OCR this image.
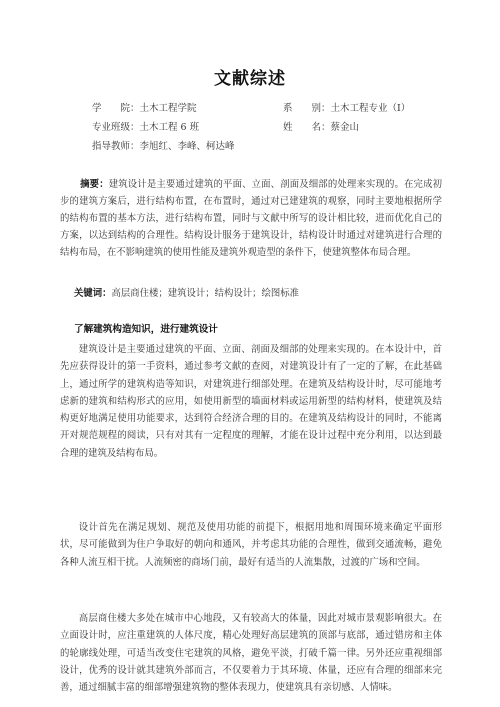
文献综述
学　　院：土木工程学院	系　　别：土木工程专业（Ⅰ）
专业班级：土木工程 6 班	姓　　名：蔡金山
指导教师：李旭红、李峰、柯达峰
摘要：建筑设计是主要通过建筑的平面、立面、剖面及细部的处理来实现的。在完成初步的建筑方案后，进行结构布置，在布置时，通过对已建建筑的观察，同时主要地根据所学的结构布置的基本方法，进行结构布置，同时与文献中所写的设计相比较，进而优化自己的方案，以达到结构的合理性。结构设计服务于建筑设计，结构设计时通过对建筑进行合理的结构布局，在不影响建筑的使用性能及建筑外观造型的条件下，使建筑整体布局合理。
关键词：高层商住楼；建筑设计；结构设计；绘图标准
了解建筑构造知识，进行建筑设计
建筑设计是主要通过建筑的平面、立面、剖面及细部的处理来实现的。在本设计中，首先应获得设计的第一手资料，通过参考文献的查阅，对建筑设计有了一定的了解，在此基础上，通过所学的建筑构造等知识，对建筑进行细部处理。在建筑及结构设计时，尽可能地考虑新的建筑和结构形式的应用，如使用新型的墙面材料或运用新型的结构材料，使建筑及结构更好地满足使用功能要求，达到符合经济合理的目的。在建筑及结构设计的同时，不能离开对规范规程的阅读，只有对其有一定程度的理解，才能在设计过程中充分利用，以达到最合理的建筑及结构布局。
设计首先在满足规划、规范及使用功能的前提下，根据用地和周围环境来确定平面形状，尽可能做到为住户争取好的朝向和通风，并考虑其功能的合理性，做到交通流畅，避免各种人流互相干扰。人流频密的商场门前，最好有适当的人流集散，过渡的广场和空间。
高层商住楼大多处在城市中心地段，又有较高大的体量，因此对城市景观影响很大。在立面设计时，应注重建筑的人体尺度，精心处理好高层建筑的顶部与底部，通过错房和主体的轮廓线处理，可适当改变住宅建筑的风格，避免平淡，打破千篇一律。另外还应重视细部设计，优秀的设计就其建筑外部而言，不仅要着力于其环境、体量，还应有合理的细部来完善，通过细腻丰富的细部增强建筑物的整体表现力，使建筑具有亲切感、人情味。
